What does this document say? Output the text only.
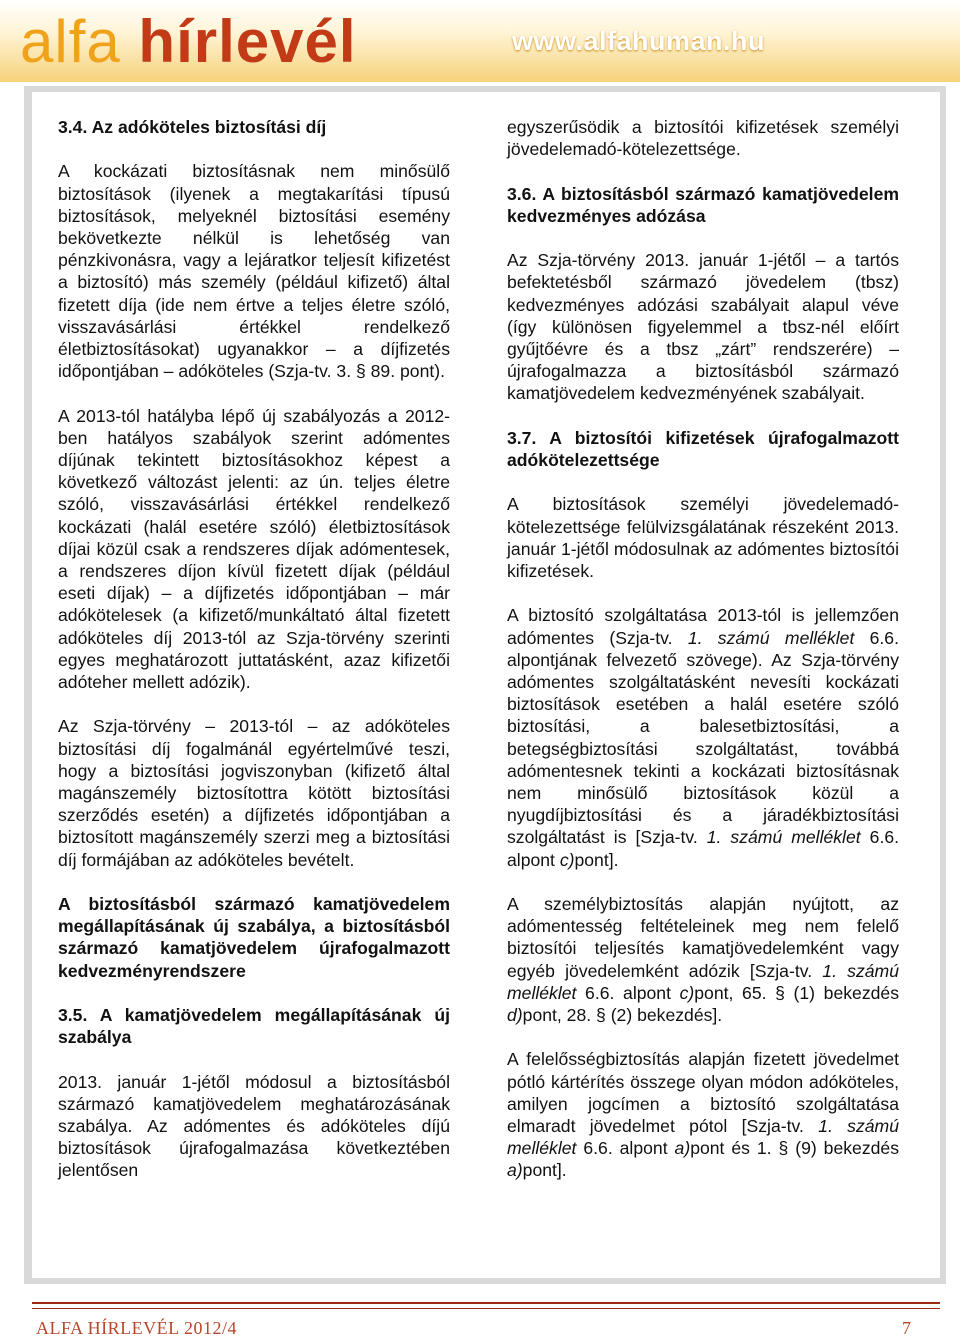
alfa hírlevél	www.alfahuman.hu
3.4. Az adóköteles biztosítási díj

A kockázati biztosításnak nem minősülő biztosítások (ilyenek a megtakarítási típusú biztosítások, melyeknél biztosítási esemény bekövetkezte nélkül is lehetőség van pénzkivonásra, vagy a lejáratkor teljesít kifizetést a biztosító) más személy (például kifizető) által fizetett díja (ide nem értve a teljes életre szóló, visszavásárlási értékkel rendelkező életbiztosításokat) ugyanakkor – a díjfizetés időpontjában – adóköteles (Szja-tv. 3. § 89. pont).

A 2013-tól hatályba lépő új szabályozás a 2012-ben hatályos szabályok szerint adómentes díjúnak tekintett biztosításokhoz képest a következő változást jelenti: az ún. teljes életre szóló, visszavásárlási értékkel rendelkező kockázati (halál esetére szóló) életbiztosítások díjai közül csak a rendszeres díjak adómentesek, a rendszeres díjon kívül fizetett díjak (például eseti díjak) – a díjfizetés időpontjában – már adókötelesek (a kifizető/munkáltató által fizetett adóköteles díj 2013-tól az Szja-törvény szerinti egyes meghatározott juttatásként, azaz kifizetői adóteher mellett adózik).

Az Szja-törvény – 2013-tól – az adóköteles biztosítási díj fogalmánál egyértelművé teszi, hogy a biztosítási jogviszonyban (kifizető által magánszemély biztosítottra kötött biztosítási szerződés esetén) a díjfizetés időpontjában a biztosított magánszemély szerzi meg a biztosítási díj formájában az adóköteles bevételt.

A biztosításból származó kamatjövedelem megállapításának új szabálya, a biztosításból származó kamatjövedelem újrafogalmazott kedvezményrendszere
3.5. A kamatjövedelem megállapításának új szabálya

2013. január 1-jétől módosul a biztosításból származó kamatjövedelem meghatározásának szabálya. Az adómentes és adóköteles díjú biztosítások újrafogalmazása következtében jelentősen

egyszerűsödik a biztosítói kifizetések személyi jövedelemadó-kötelezettsége.

3.6. A biztosításból származó kamatjövedelem kedvezményes adózása

Az Szja-törvény 2013. január 1-jétől – a tartós befektetésből származó jövedelem (tbsz) kedvezményes adózási szabályait alapul véve (így különösen figyelemmel a tbsz-nél előírt gyűjtőévre és a tbsz „zárt” rendszerére) – újrafogalmazza a biztosításból származó kamatjövedelem kedvezményének szabályait.

3.7. A biztosítói kifizetések újrafogalmazott adókötelezettsége

A biztosítások személyi jövedelemadó-kötelezettsége felülvizsgálatának részeként 2013. január 1-jétől módosulnak az adómentes biztosítói kifizetések.

A biztosító szolgáltatása 2013-tól is jellemzően adómentes (Szja-tv. 1. számú melléklet 6.6. alpontjának felvezető szövege). Az Szja-törvény adómentes szolgáltatásként nevesíti kockázati biztosítások esetében a halál esetére szóló biztosítási, a balesetbiztosítási, a betegségbiztosítási szolgáltatást, továbbá adómentesnek tekinti a kockázati biztosításnak nem minősülő biztosítások közül a nyugdíjbiztosítási és a járadékbiztosítási szolgáltatást is [Szja-tv. 1. számú melléklet 6.6. alpont c)pont].

A személybiztosítás alapján nyújtott, az adómentesség feltételeinek meg nem felelő biztosítói teljesítés kamatjövedelemként vagy egyéb jövedelemként adózik [Szja-tv. 1. számú melléklet 6.6. alpont c)pont, 65. § (1) bekezdés d)pont, 28. § (2) bekezdés].

A felelősségbiztosítás alapján fizetett jövedelmet pótló kártérítés összege olyan módon adóköteles, amilyen jogcímen a biztosító szolgáltatása elmaradt jövedelmet pótol [Szja-tv. 1. számú melléklet 6.6. alpont a)pont és 1. § (9) bekezdés a)pont].

ALFA HÍRLEVÉL 2012/4	7
